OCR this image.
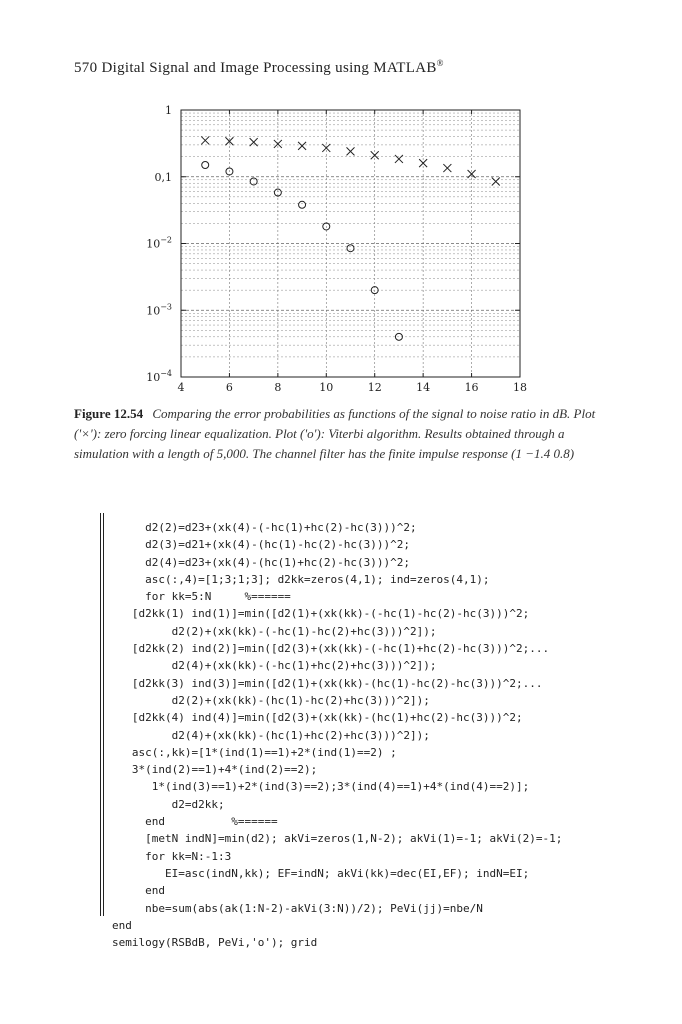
570 Digital Signal and Image Processing using MATLAB®
4	6	8	10	12	14	16	18
1
0,1
$10^{-2}$
$10^{-3}$
$10^{-4}$
Figure 12.54 Comparing the error probabilities as functions of the signal to noise ratio in dB. Plot ('×'): zero forcing linear equalization. Plot ('o'): Viterbi algorithm. Results obtained through a simulation with a length of 5,000. The channel filter has the finite impulse response (1 −1.4 0.8)
d2(2)=d23+(xk(4)-(-hc(1)+hc(2)-hc(3)))^2;
d2(3)=d21+(xk(4)-(hc(1)-hc(2)-hc(3)))^2;
d2(4)=d23+(xk(4)-(hc(1)+hc(2)-hc(3)))^2;
asc(:,4)=[1;3;1;3]; d2kk=zeros(4,1); ind=zeros(4,1);
for kk=5:N     %======
[d2kk(1) ind(1)]=min([d2(1)+(xk(kk)-(-hc(1)-hc(2)-hc(3)))^2;
d2(2)+(xk(kk)-(-hc(1)-hc(2)+hc(3)))^2]);
[d2kk(2) ind(2)]=min([d2(3)+(xk(kk)-(-hc(1)+hc(2)-hc(3)))^2;...
d2(4)+(xk(kk)-(-hc(1)+hc(2)+hc(3)))^2]);
[d2kk(3) ind(3)]=min([d2(1)+(xk(kk)-(hc(1)-hc(2)-hc(3)))^2;...
d2(2)+(xk(kk)-(hc(1)-hc(2)+hc(3)))^2]);
[d2kk(4) ind(4)]=min([d2(3)+(xk(kk)-(hc(1)+hc(2)-hc(3)))^2;
d2(4)+(xk(kk)-(hc(1)+hc(2)+hc(3)))^2]);
asc(:,kk)=[1*(ind(1)==1)+2*(ind(1)==2) ;
3*(ind(2)==1)+4*(ind(2)==2);
1*(ind(3)==1)+2*(ind(3)==2);3*(ind(4)==1)+4*(ind(4)==2)];
d2=d2kk;
end          %======
[metN indN]=min(d2); akVi=zeros(1,N-2); akVi(1)=-1; akVi(2)=-1;
for kk=N:-1:3
EI=asc(indN,kk); EF=indN; akVi(kk)=dec(EI,EF); indN=EI;
end
nbe=sum(abs(ak(1:N-2)-akVi(3:N))/2); PeVi(jj)=nbe/N
end
semilogy(RSBdB, PeVi,'o'); grid
